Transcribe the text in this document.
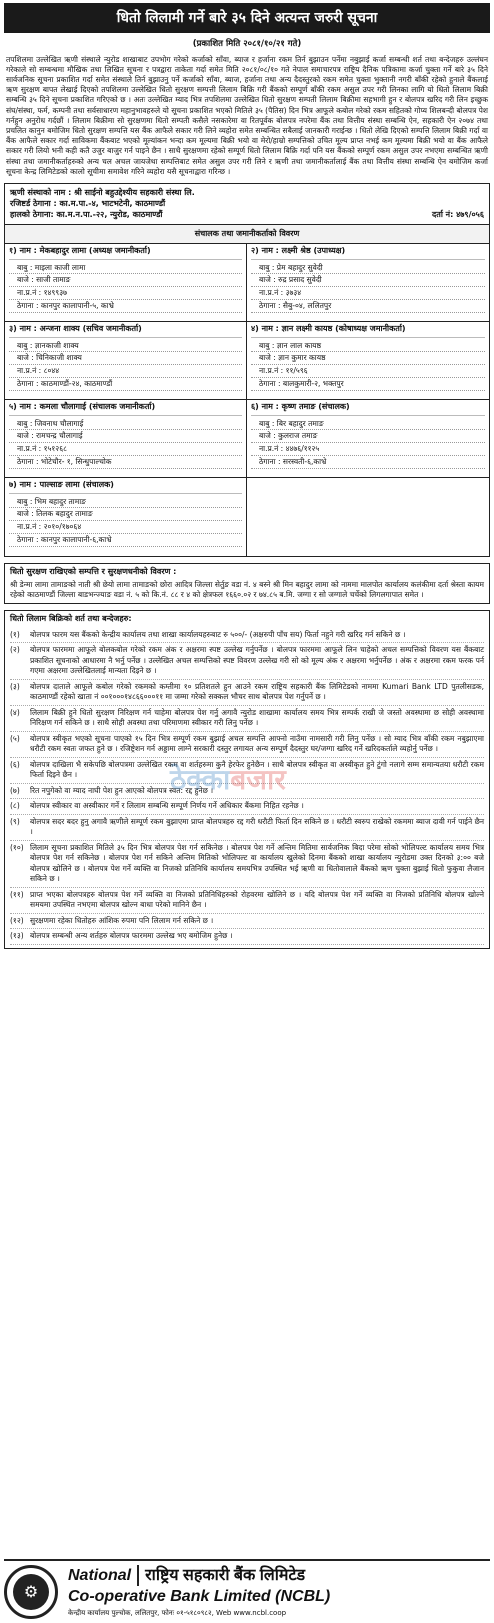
धितो लिलामी गर्ने बारे ३५ दिने अत्यन्त जरुरी सूचना
(प्रकाशित मिति २०८१/१०/२१ गते)
तपशिलमा उल्लेखित ऋणी संस्थाले न्युरोड शाखाबाट उपभोग गरेको कर्जाको साँवा, ब्याज र हर्जाना रकम तिर्न बुझाउन पर्नेमा नबुझाई कर्जा सम्बन्धी शर्त तथा बन्देजहरु उल्लंघन गरेकाले सो सम्बन्धमा मौखिक तथा लिखित सूचना र पत्रद्वारा ताकेता गर्दा समेत मिति २०८१/०८/१० गते नेपाल समाचारपत्र राष्ट्रिय दैनिक पत्रिकामा कर्जा चुक्ता गर्ने बारे ३५ दिने सार्वजनिक सूचना प्रकाशित गर्दा समेत संस्थाले तिर्न बुझाउनु पर्ने कर्जाको साँवा, ब्याज, हर्जाना तथा अन्य दैदस्तुरको रकम समेत चुक्ता भुक्तानी नगरी बाँकी रहेको हुनाले बैंकलाई ऋण सुरक्षण बापत लेखाई दिएको तपशिलमा उल्लेखित धितो सुरक्षण सम्पत्ती लिलाम बिक्रि गरी बैंकको सम्पूर्ण बाँकी रकम असुल उपर गरी लिनका लागि यो धितो लिलाम बिक्री सम्बन्धि ३५ दिने सूचना प्रकाशित गरिएको छ । अतः उल्लेखित म्याद भित्र तपशिलमा उल्लेखित धितो सुरक्षण सम्पती लिलाम बिक्रीमा सहभागी हुन र बोलपत्र खरिद गरी लिन इच्छुक संघ/संस्था, फर्म, कम्पनी तथा सर्वसाधारण महानुभावहरुले यो सूचना प्रकाशित भएको मितिले ३५ (पैतिस) दिन भित्र आफूले कबोल गरेको रकम सहितको गोप्य शिलबन्दी बोलपत्र पेश गर्नहुन अनुरोध गर्दछौं । लिलाम बिक्रीमा सो सुरक्षणमा धितो सम्पती कसैले नसकारेमा वा रितपूर्वक बोलपत्र नपरेमा बैंक तथा वित्तीय संस्था सम्बन्धि ऐन, सहकारी ऐन २०७४ तथा प्रचलित कानुन बमोजिम धितो सुरक्षण सम्पत्ति यस बैंक आफैले सकार गरी लिने व्यहोरा समेत सम्बन्धित सबैलाई जानकारी गराईन्छ । धितो लेखि दिएको सम्पत्ति लिलाम बिक्री गर्दा वा बैंक आफैले सकार गर्दा साविकमा बैंकबाट भएको मूल्यांकन भन्दा कम मूल्यमा बिक्री भयो वा मेरो/हाम्रो सम्पत्तिको उचित मूल्य प्राप्त नभई कम मूल्यमा बिक्री भयो वा बैंक आफैले सकार गरी लियो भनी कही कतै उजुर बाजुर गर्न पाइने छैन । साथै सुरक्षणमा रहेको सम्पूर्ण धितो लिलाम बिक्रि गर्दा पनि यस बैंकको सम्पूर्ण रकम असुल उपर नभएमा सम्बन्धित ऋणी संस्था तथा जमानीकर्ताहरुको अन्य चल अचल जायजेथा सम्पत्तिबाट समेत असुल उपर गरी लिने र ऋणी तथा जमानीकर्तालाई बैंक तथा वित्तीय संस्था सम्बन्धि ऐन बमोजिम कर्जा सूचना केन्द्र लिमिटेडको कालो सूचीमा समावेश गरिने व्यहोरा यसै सूचनाद्वारा गरिन्छ ।
ऋणी संस्थाको नाम : श्री साईनो बहुउद्देश्यीय सहकारी संस्था लि.
रजिष्टर्ड ठेगाना : का.म.पा.-४, भाटभटेनी, काठमाण्डौं
हालको ठेगाना: का.म.न.पा.-२२, न्युरोड, काठमाण्डौं	दर्ता नं: ४७९/०५६
संचालक तथा जमानीकर्ताको विवरण
१) नाम : मेकबहादुर लामा (अध्यक्ष जमानीकर्ता)
बाबु : माइला काजी लामा
बाजे : साजी तामाङ
ना.प्र.नं : १४९९३७
ठेगाना : कानपुर कालापानी-५, काभ्रे
२) नाम : लक्ष्मी श्रेष्ठ (उपाध्यक्ष)
बाबु : प्रेम बहादुर सुवेदी
बाजे : रुद्र प्रसाद सुवेदी
ना.प्र.नं : ३७३४
ठेगाना : सैबु-०४, ललितपुर
३) नाम : अन्जना शाक्य (सचिव जमानीकर्ता)
बाबु : ज्ञानकाजी शाक्य
बाजे : चिनिकाजी शाक्य
ना.प्र.नं : ८०४४
ठेगाना : काठमाण्डौं-२४, काठमाण्डौं
४) नाम : ज्ञान लक्ष्मी कायष्ठ (कोषाध्यक्ष जमानीकर्ता)
बाबु : ज्ञान लाल कायष्ठ
बाजे : ज्ञान कुमार कायष्ठ
ना.प्र.नं : ११/५९६
ठेगाना : बालकुमारी-२, भक्तपुर
५) नाम : कमला चौलागाई (संचालक जमानीकर्ता)
बाबु : जिवनाथ चौलागाई
बाजे : रामचन्द्र चौलागाई
ना.प्र.नं : १५१२६८
ठेगाना : भोटेचौर- १, सिन्धुपाल्चोक
६) नाम : कृष्ण तमाङ (संचालक)
बाबु : बिर बहादुर तमाङ
बाजे : कुलराज तमाङ
ना.प्र.नं : ४४७६/११२५
ठेगाना : सरस्वती-६,काभ्रे
७) नाम : पाल्साङ लामा (संचालक)
बाबु : भिम बहादुर तामाङ
बाजे : तिलक बहादुर तामाङ
ना.प्र.नं : २०१०/१७०६४
ठेगाना : कानपुर कालापानी-६,काभ्रे
ठेक्काबजार
धितो सुरक्षण राखिएको सम्पत्ति र सुरक्षणधनीको विवरण :
श्री डेन्मा लामा तामाङको नाती श्री छेयो लामा तामाङको छोरा आदित्र जिल्ला सेर्तुङ वडा नं. ४ बस्ने श्री मिन बहादुर लामा को नाममा मालपोत कार्यालय कलंकीमा दर्ता श्रेस्ता कायम रहेको काठमाण्डौं जिल्ला बाडभन्ज्याङ वडा नं. ५ को कि.नं. ८८ र ४ को क्षेत्रफल १६६०.०२ र ७४.८५ ब.मि. जग्गा र सो जग्गाले चर्चेको लिगलगापात समेत ।
धितो लिलाम बिक्रिको शर्त तथा बन्देजहरु:
(१)	बोलपत्र फारम यस बैंकको केन्द्रीय कार्यालय तथा शाखा कार्यालयहरुबाट रु ५००/- (अक्षरुपी पाँच सय) फिर्ता नहुने गरी खरिद गर्न सकिने छ ।
(२)	बोलपत्र फारममा आफूले बोलकबोल गरेको रकम अंक र अक्षरमा स्पष्ट उल्लेख गर्नुपर्नेछ । बोलपत्र फारममा आफूले लिन चाहेको अचल सम्पत्तिको विवरण यस बैंकबाट प्रकाशित सूचनाको आधारमा नै भर्नु पर्नेछ । उल्लेखित अचल सम्पत्तिको स्पष्ट विवरण उल्लेख गरी सो को मूल्य अंक र अक्षरमा भर्नुपर्नेछ । अंक र अक्षरमा रकम फरक पर्न गएमा अक्षरमा उल्लेखितलाई मान्यता दिइने छ ।
(३)	बोलपत्र दाताले आफूले कबोल गरेको रकमको कम्तीमा १० प्रतिशतले हुन आउने रकम राष्ट्रिय सहकारी बैंक लिमिटेडको नाममा Kumari Bank LTD पुतलीसडक, काठमाण्डौं रहेको खाता नं ००१०००१४८६६०००११ मा जम्मा गरेको सक्कल भौचर साथ बोलपत्र पेश गर्नुपर्ने छ ।
(४)	लिलाम बिक्री हुने धितो सुरक्षण निरिक्षण गर्न चाहेमा बोलपत्र पेश गर्नु अगावै न्युरोड शाखामा कार्यालय समय भित्र सम्पर्क राखी जे जस्तो अवस्थामा छ सोही अवस्थामा निरिक्षण गर्न सकिने छ । साथै सोही अवस्था तथा परिमाणमा स्वीकार गरी लिनु पर्नेछ ।
(५)	बोलपत्र स्वीकृत भएको सूचना पाएको १५ दिन भित्र सम्पूर्ण रकम बुझाई अचल सम्पत्ति आफ्नो नाउँमा नामसारी गरी लिनु पर्नेछ । सो म्याद भित्र बाँकी रकम नबुझाएमा धरौटी रकम स्वतः जफत हुने छ । रजिष्ट्रेशन गर्न अड्डामा लाग्ने सरकारी दस्तुर लगायत अन्य सम्पूर्ण दैदस्तुर घर/जग्गा खरिद गर्ने खरिदकर्ताले व्यहोर्नु पर्नेछ ।
(६)	बोलपत्र दाखिला भै सकेपछि बोलपत्रमा उल्लेखित रकम वा शर्तहरुमा कुनै हेरफेर हुनेछैन । साथै बोलपत्र स्वीकृत वा अस्वीकृत हुने टुंगो नलागे सम्म समान्यतया धरौटी रकम फिर्ता दिइने छैन ।
(७)	रित नपुगेको वा म्याद नाघी पेश हुन आएको बोलपत्र स्वत: रद्द हुनेछ ।
(८)	बोलपत्र स्वीकार वा अस्वीकार गर्ने र लिलाम सम्बन्धि सम्पूर्ण निर्णय गर्ने अधिकार बैंकमा निहित रहनेछ ।
(९)	बोलपत्र सदर बदर हुनु अगावै ऋणीले सम्पूर्ण रकम बुझाएमा प्राप्त बोलपत्रहरु रद्द गरी धरौटी फिर्ता दिन सकिने छ । धरौटी स्वरुप राखेको रकममा ब्याज दावी गर्न पाईने छैन ।
(१०) लिलाम सूचना प्रकाशित मितिले ३५ दिन भित्र बोलपत्र पेश गर्न सकिनेछ । बोलपत्र पेश गर्ने अन्तिम मितिमा सार्वजनिक बिदा परेमा सोको भोलिपल्ट कार्यालय समय भित्र बोलपत्र पेश गर्न सकिनेछ । बोलपत्र पेश गर्न सकिने अन्तिम मितिको भोलिपल्ट वा कार्यालय खुलेको दिनमा बैंकको शाखा कार्यालय न्युरोडमा उक्त दिनको ३:०० बजे बोलपत्र खोलिने छ । बोलपत्र पेश गर्ने व्यक्ति वा निजको प्रतिनिधि कार्यालय समयभित्र उपस्थित भई ऋणी वा धितोवालाले बैंकको ऋण चुक्ता बुझाई धितो फुकुवा लैजान सकिने छ ।
(११) प्राप्त भएका बोलपत्रहरु बोलपत्र पेश गर्ने व्यक्ति वा निजको प्रतिनिधिहरुको रोहवरमा खोलिने छ । यदि बोलपत्र पेश गर्ने व्यक्ति वा निजको प्रतिनिधि बोलपत्र खोल्ने समयमा उपस्थित नभएमा बोलपत्र खोल्न बाधा परेको मानिने छैन ।
(१२) सुरक्षणमा रहेका धितोहरु आंशिक रुपमा पनि लिलाम गर्न सकिने छ ।
(१३) बोलपत्र सम्बन्धी अन्य शर्तहरु बोलपत्र फारममा उल्लेख भए बमोजिम हुनेछ ।
⚙
National राष्ट्रिय सहकारी बैंक लिमिटेड
Co-operative Bank Limited (NCBL)
केन्द्रीय कार्यालय पुल्चोक, ललितपुर, फोनः ०१-५१८०९८२, Web www.ncbl.coop
